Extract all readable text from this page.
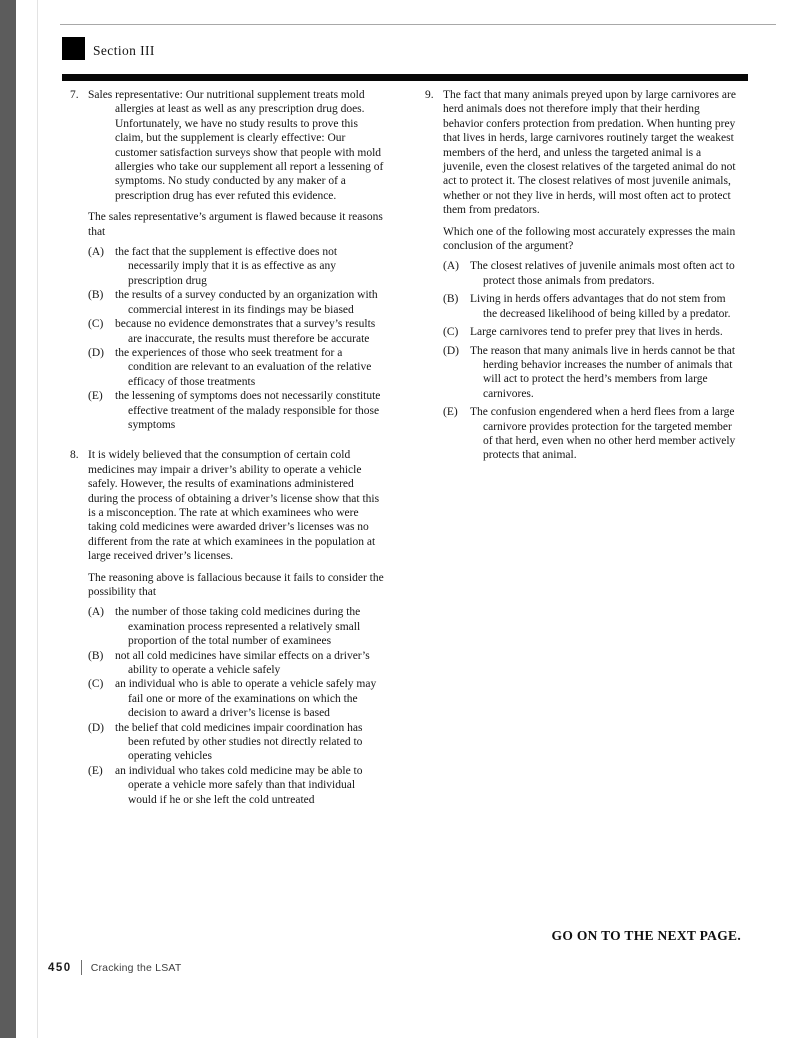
Section III
7. Sales representative: Our nutritional supplement treats mold allergies at least as well as any prescription drug does. Unfortunately, we have no study results to prove this claim, but the supplement is clearly effective: Our customer satisfaction surveys show that people with mold allergies who take our supplement all report a lessening of symptoms. No study conducted by any maker of a prescription drug has ever refuted this evidence.
The sales representative’s argument is flawed because it reasons that
(A) the fact that the supplement is effective does not necessarily imply that it is as effective as any prescription drug
(B)	the results of a survey conducted by an organization with commercial interest in its findings may be biased
(C)	because no evidence demonstrates that a survey’s results are inaccurate, the results must therefore be accurate
(D) the experiences of those who seek treatment for a condition are relevant to an evaluation of the relative efficacy of those treatments
(E)	the lessening of symptoms does not necessarily constitute effective treatment of the malady responsible for those symptoms
8. It is widely believed that the consumption of certain cold medicines may impair a driver’s ability to operate a vehicle safely. However, the results of examinations administered during the process of obtaining a driver’s license show that this is a misconception. The rate at which examinees who were taking cold medicines were awarded driver’s licenses was no different from the rate at which examinees in the population at large received driver’s licenses.
The reasoning above is fallacious because it fails to consider the possibility that
(A) the number of those taking cold medicines during the examination process represented a relatively small proportion of the total number of examinees
(B)	not all cold medicines have similar effects on a driver’s ability to operate a vehicle safely
(C)	an individual who is able to operate a vehicle safely may fail one or more of the examinations on which the decision to award a driver’s license is based
(D) the belief that cold medicines impair coordination has been refuted by other studies not directly related to operating vehicles
(E)	an individual who takes cold medicine may be able to operate a vehicle more safely than that individual would if he or she left the cold untreated
9. The fact that many animals preyed upon by large carnivores are herd animals does not therefore imply that their herding behavior confers protection from predation. When hunting prey that lives in herds, large carnivores routinely target the weakest members of the herd, and unless the targeted animal is a juvenile, even the closest relatives of the targeted animal do not act to protect it. The closest relatives of most juvenile animals, whether or not they live in herds, will most often act to protect them from predators.
Which one of the following most accurately expresses the main conclusion of the argument?
(A) The closest relatives of juvenile animals most often act to protect those animals from predators.
(B)	Living in herds offers advantages that do not stem from the decreased likelihood of being killed by a predator.
(C)	Large carnivores tend to prefer prey that lives in herds.
(D) The reason that many animals live in herds cannot be that herding behavior increases the number of animals that will act to protect the herd’s members from large carnivores.
(E)	The confusion engendered when a herd flees from a large carnivore provides protection for the targeted member of that herd, even when no other herd member actively protects that animal.
GO ON TO THE NEXT PAGE.
450 Cracking the LSAT
